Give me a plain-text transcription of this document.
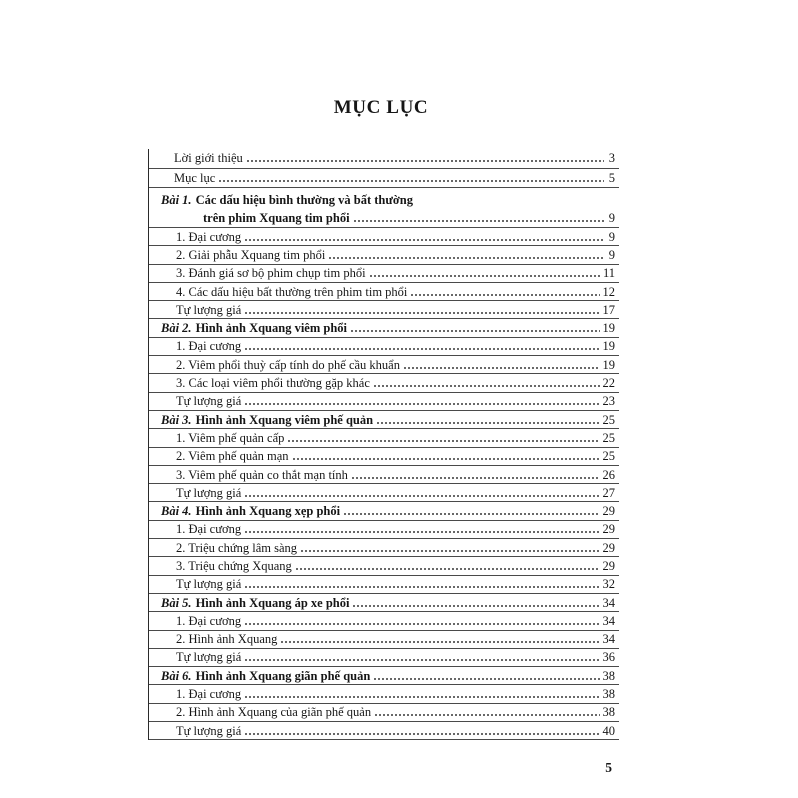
MỤC LỤC
Lời giới thiệu	3
Mục lục	5
Bài 1. Các dấu hiệu bình thường và bất thường
trên phim Xquang tim phổi	9
1. Đại cương	9
2. Giải phẫu Xquang tim phổi	9
3. Đánh giá sơ bộ phim chụp tim phổi	11
4. Các dấu hiệu bất thường trên phim tim phổi	12
Tự lượng giá	17
Bài 2. Hình ảnh Xquang viêm phổi	19
1. Đại cương	19
2. Viêm phổi thuỳ cấp tính do phế cầu khuẩn	19
3. Các loại viêm phổi thường gặp khác	22
Tự lượng giá	23
Bài 3. Hình ảnh Xquang viêm phế quản	25
1. Viêm phế quản cấp	25
2. Viêm phế quản mạn	25
3. Viêm phế quản co thắt mạn tính	26
Tự lượng giá	27
Bài 4. Hình ảnh Xquang xẹp phổi	29
1. Đại cương	29
2. Triệu chứng lâm sàng	29
3. Triệu chứng Xquang	29
Tự lượng giá	32
Bài 5. Hình ảnh Xquang áp xe phổi	34
1. Đại cương	34
2. Hình ảnh Xquang	34
Tự lượng giá	36
Bài 6. Hình ảnh Xquang giãn phế quản	38
1. Đại cương	38
2. Hình ảnh Xquang của giãn phế quản	38
Tự lượng giá	40
5
